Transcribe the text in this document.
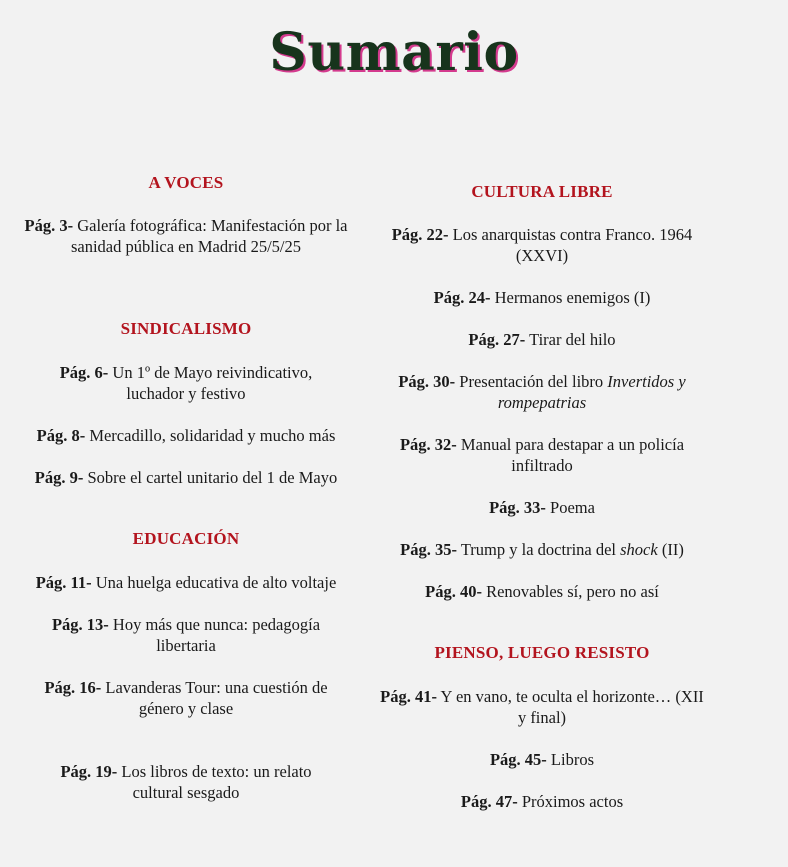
Sumario
A VOCES
Pág. 3- Galería fotográfica: Manifestación por la sanidad pública en Madrid 25/5/25
SINDICALISMO
Pág. 6- Un 1º de Mayo reivindicativo, luchador y festivo
Pág. 8- Mercadillo, solidaridad y mucho más
Pág. 9- Sobre el cartel unitario del 1 de Mayo
EDUCACIÓN
Pág. 11- Una huelga educativa de alto voltaje
Pág. 13- Hoy más que nunca: pedagogía libertaria
Pág. 16- Lavanderas Tour: una cuestión de género y clase
Pág. 19- Los libros de texto: un relato cultural sesgado
CULTURA LIBRE
Pág. 22- Los anarquistas contra Franco. 1964 (XXVI)
Pág. 24- Hermanos enemigos (I)
Pág. 27- Tirar del hilo
Pág. 30- Presentación del libro Invertidos y rompepatrias
Pág. 32- Manual para destapar a un policía infiltrado
Pág. 33- Poema
Pág. 35- Trump y la doctrina del shock (II)
Pág. 40- Renovables sí, pero no así
PIENSO, LUEGO RESISTO
Pág. 41- Y en vano, te oculta el horizonte… (XII y final)
Pág. 45- Libros
Pág. 47- Próximos actos
